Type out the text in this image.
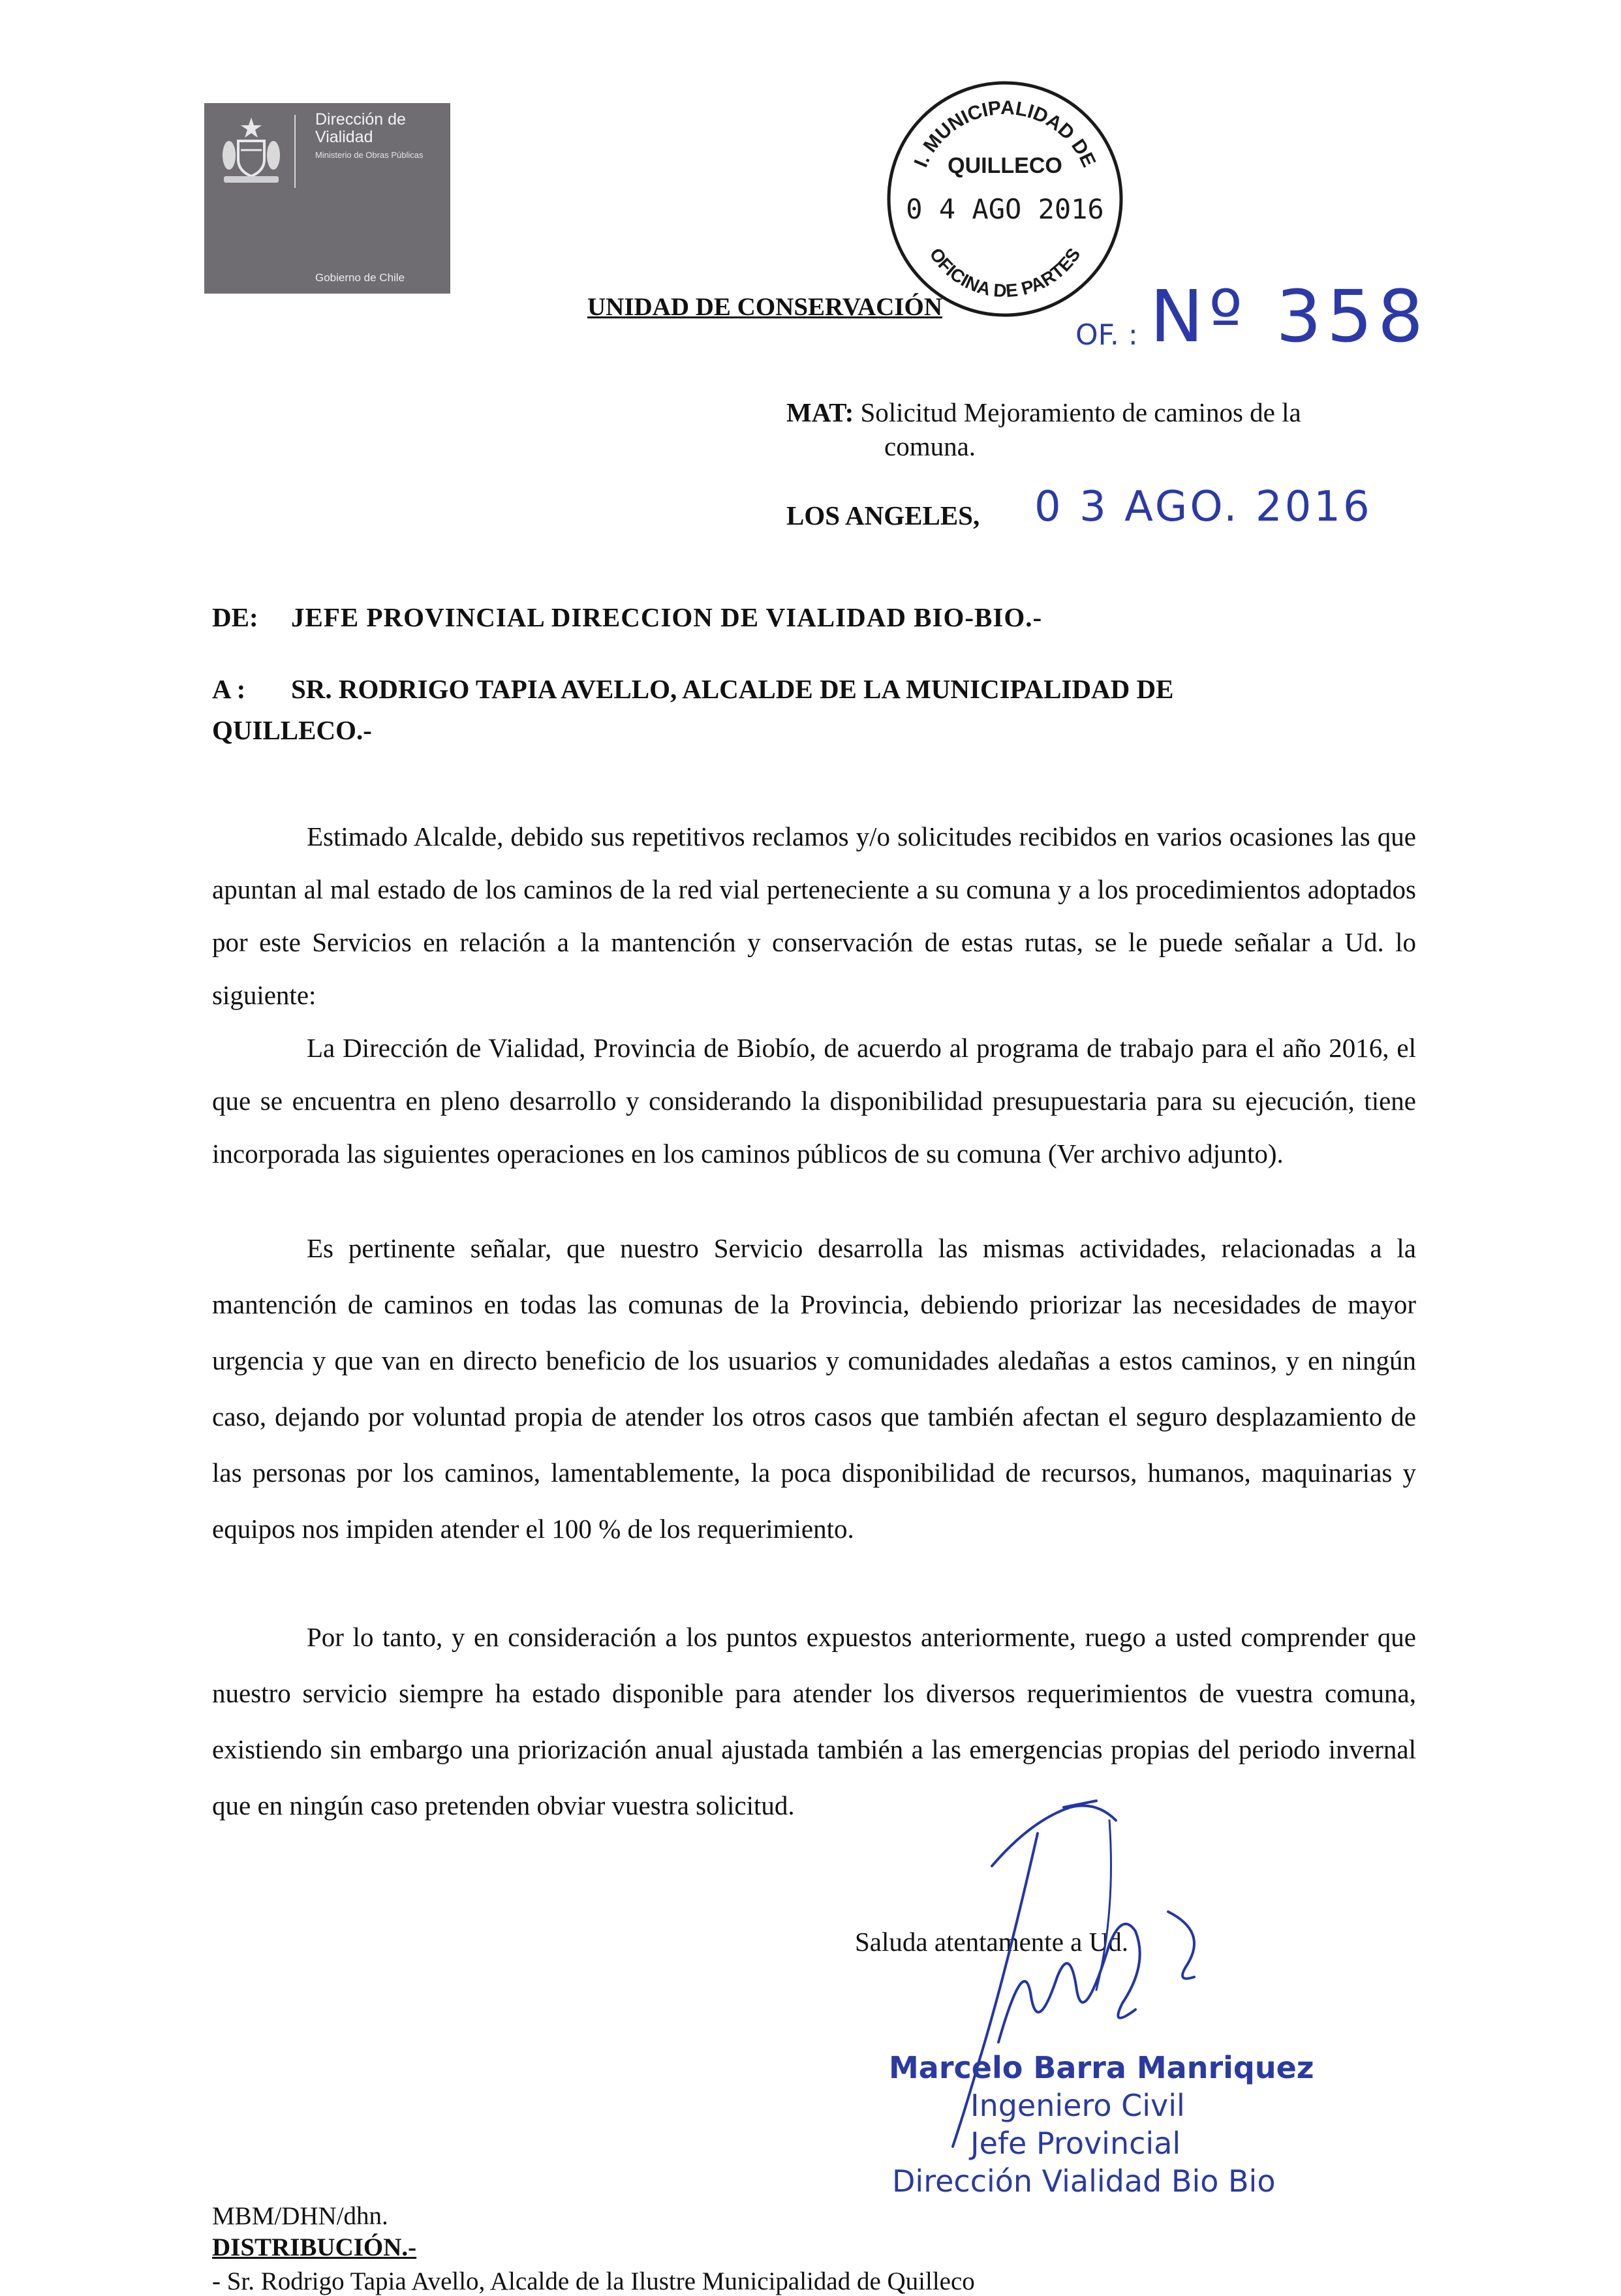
Dirección de
Vialidad
Ministerio de Obras Públicas
Gobierno de Chile
I. MUNICIPALIDAD DE
QUILLECO
0 4 AGO 2016
OFICINA DE PARTES
UNIDAD DE CONSERVACIÓN
OF. : Nº 358
MAT: Solicitud Mejoramiento de caminos de la
comuna.
LOS ANGELES, 0 3 AGO. 2016
DE: JEFE PROVINCIAL DIRECCION DE VIALIDAD BIO-BIO.-
A : SR. RODRIGO TAPIA AVELLO, ALCALDE DE LA MUNICIPALIDAD DE
QUILLECO.-
Estimado Alcalde, debido sus repetitivos reclamos y/o solicitudes recibidos en varios ocasiones las que apuntan al mal estado de los caminos de la red vial perteneciente a su comuna y a los procedimientos adoptados por este Servicios en relación a la mantención y conservación de estas rutas, se le puede señalar a Ud. lo siguiente:
La Dirección de Vialidad, Provincia de Biobío, de acuerdo al programa de trabajo para el año 2016, el que se encuentra en pleno desarrollo y considerando la disponibilidad presupuestaria para su ejecución, tiene incorporada las siguientes operaciones en los caminos públicos de su comuna (Ver archivo adjunto).
Es pertinente señalar, que nuestro Servicio desarrolla las mismas actividades, relacionadas a la mantención de caminos en todas las comunas de la Provincia, debiendo priorizar las necesidades de mayor urgencia y que van en directo beneficio de los usuarios y comunidades aledañas a estos caminos, y en ningún caso, dejando por voluntad propia de atender los otros casos que también afectan el seguro desplazamiento de las personas por los caminos, lamentablemente, la poca disponibilidad de recursos, humanos, maquinarias y equipos nos impiden atender el 100 % de los requerimiento.
Por lo tanto, y en consideración a los puntos expuestos anteriormente, ruego a usted comprender que nuestro servicio siempre ha estado disponible para atender los diversos requerimientos de vuestra comuna, existiendo sin embargo una priorización anual ajustada también a las emergencias propias del periodo invernal que en ningún caso pretenden obviar vuestra solicitud.
Saluda atentamente a Ud.
Marcelo Barra Manriquez
Ingeniero Civil
Jefe Provincial
Dirección Vialidad Bio Bio
MBM/DHN/dhn.
DISTRIBUCIÓN.-
- Sr. Rodrigo Tapia Avello, Alcalde de la Ilustre Municipalidad de Quilleco
